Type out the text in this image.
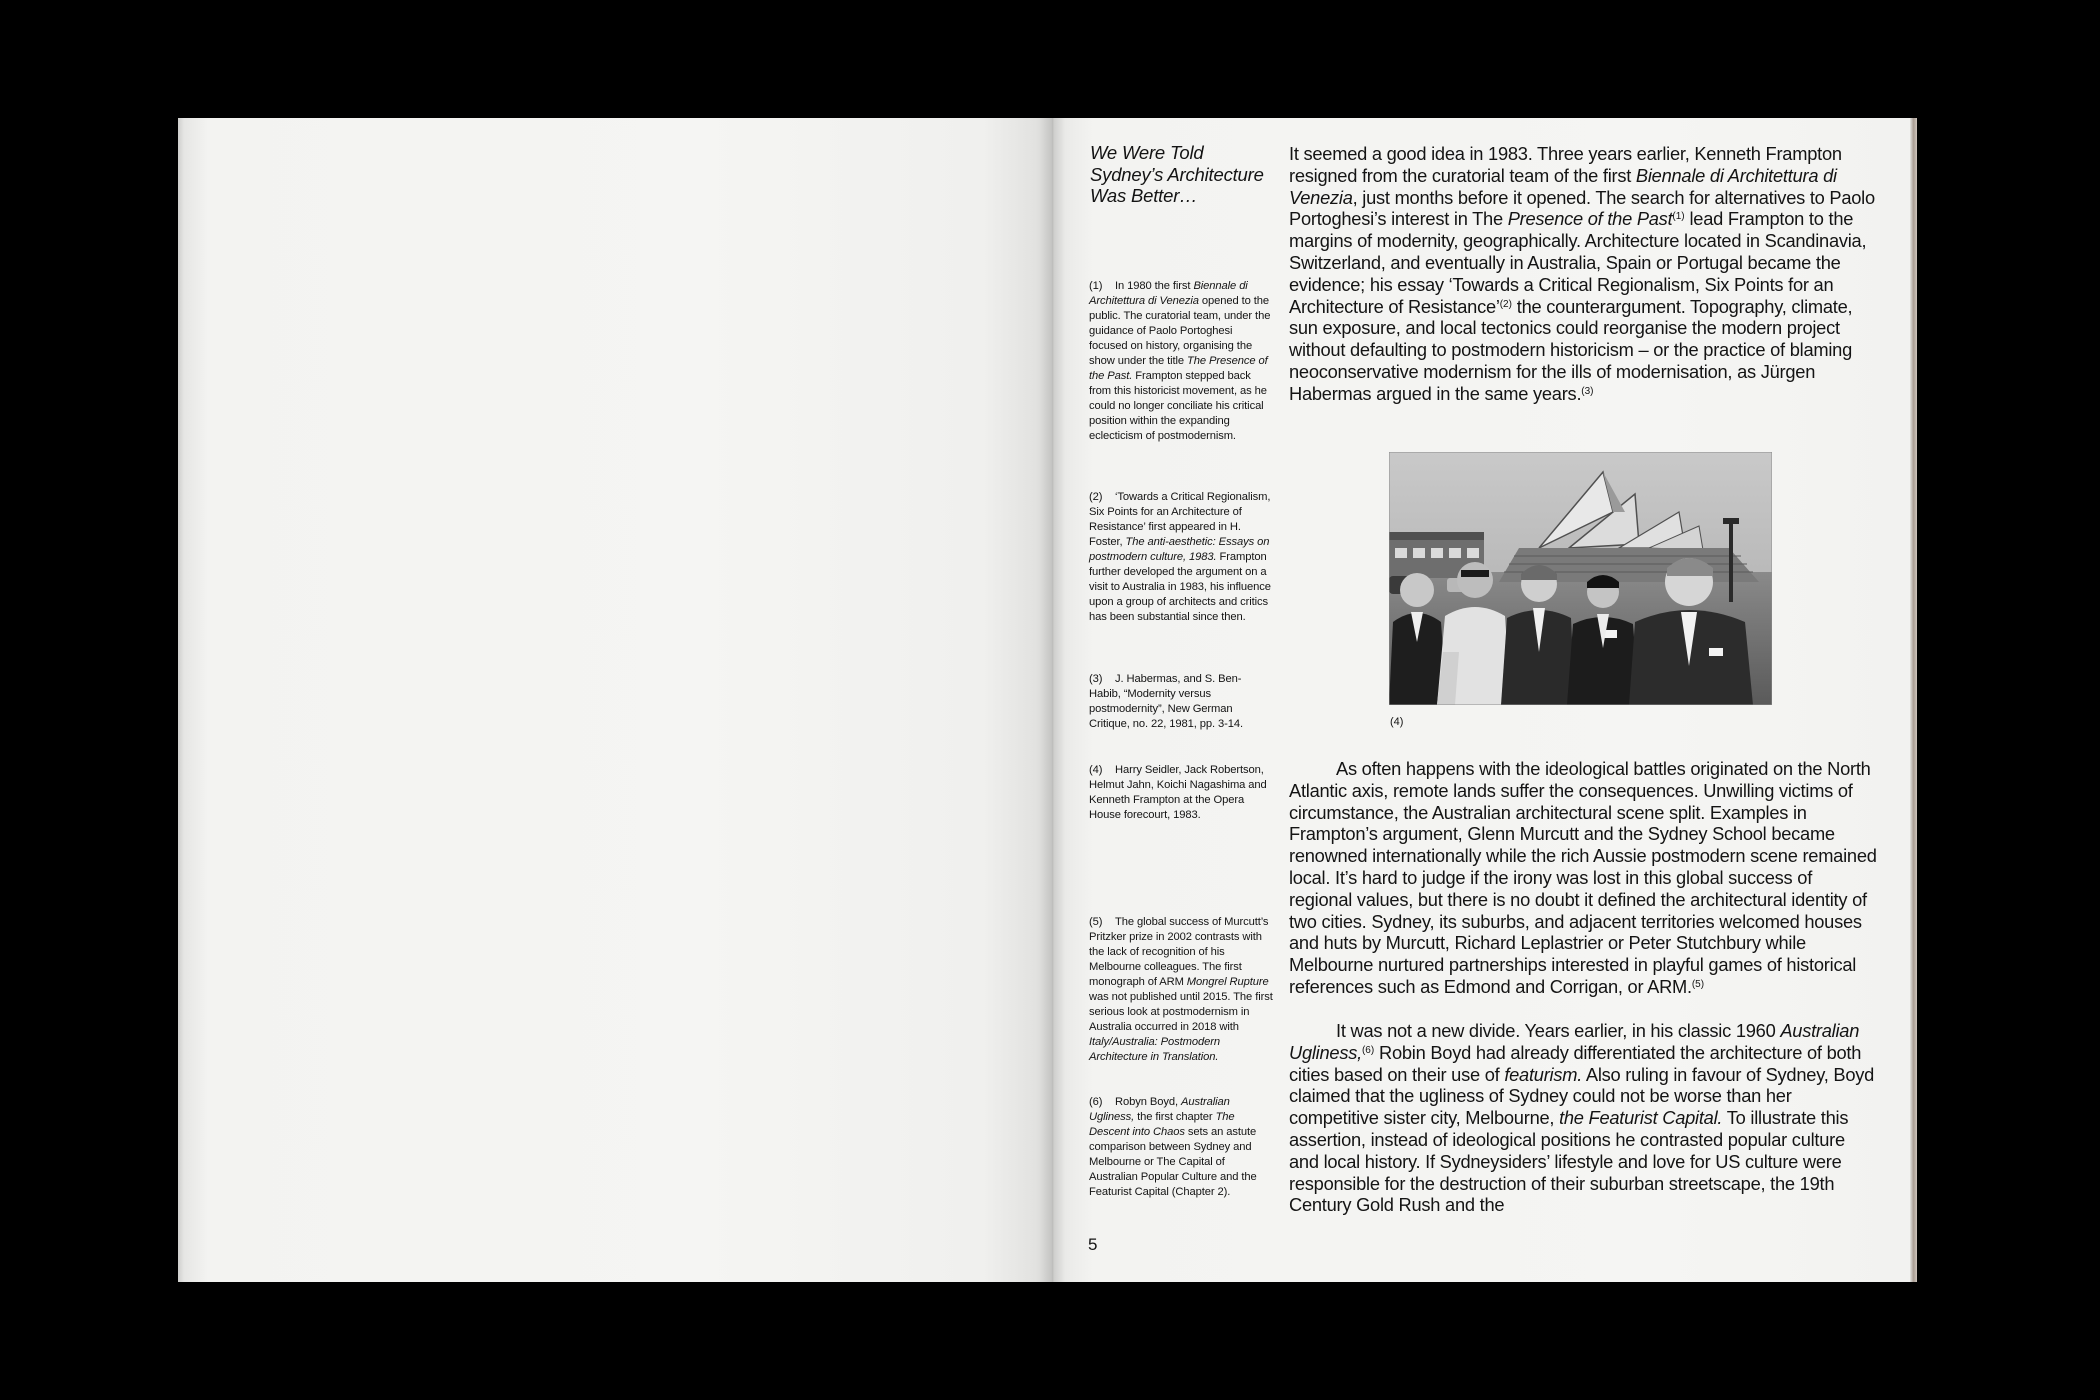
We Were Told
Sydney’s Architecture
Was Better…
(1) In 1980 the first Biennale di Architettura di Venezia opened to the public. The curatorial team, under the guidance of Paolo Portoghesi focused on history, organising the show under the title The Presence of the Past. Frampton stepped back from this historicist movement, as he could no longer conciliate his critical position within the expanding eclecticism of postmodernism.
(2) ‘Towards a Critical Regionalism, Six Points for an Architecture of Resistance’ first appeared in H. Foster, The anti-aesthetic: Essays on postmodern culture, 1983. Frampton further developed the argument on a visit to Australia in 1983, his influence upon a group of architects and critics has been substantial since then.
(3) J. Habermas, and S. Ben-Habib, “Modernity versus postmodernity”, New German Critique, no. 22, 1981, pp. 3-14.
(4) Harry Seidler, Jack Robertson, Helmut Jahn, Koichi Nagashima and Kenneth Frampton at the Opera House forecourt, 1983.
(5) The global success of Murcutt’s Pritzker prize in 2002 contrasts with the lack of recognition of his Melbourne colleagues. The first monograph of ARM Mongrel Rupture was not published until 2015. The first serious look at postmodernism in Australia occurred in 2018 with Italy/Australia: Postmodern Architecture in Translation.
(6) Robyn Boyd, Australian Ugliness, the first chapter The Descent into Chaos sets an astute comparison between Sydney and Melbourne or The Capital of Australian Popular Culture and the Featurist Capital (Chapter 2).
It seemed a good idea in 1983. Three years earlier, Kenneth Frampton resigned from the curatorial team of the first Biennale di Architettura di Venezia, just months before it opened. The search for alternatives to Paolo Portoghesi’s interest in The Presence of the Past$^{(1)}$ lead Frampton to the margins of modernity, geographically. Architecture located in Scandinavia, Switzerland, and eventually in Australia, Spain or Portugal became the evidence; his essay ‘Towards a Critical Regionalism, Six Points for an Architecture of Resistance’$^{(2)}$ the counterargument. Topography, climate, sun exposure, and local tectonics could reorganise the modern project without defaulting to postmodern historicism – or the practice of blaming neoconservative modernism for the ills of modernisation, as Jürgen Habermas argued in the same years.$^{(3)}$
(4)
As often happens with the ideological battles originated on the North Atlantic axis, remote lands suffer the consequences. Unwilling victims of circumstance, the Australian architectural scene split. Examples in Frampton’s argument, Glenn Murcutt and the Sydney School became renowned internationally while the rich Aussie postmodern scene remained local. It’s hard to judge if the irony was lost in this global success of regional values, but there is no doubt it defined the architectural identity of two cities. Sydney, its suburbs, and adjacent territories welcomed houses and huts by Murcutt, Richard Leplastrier or Peter Stutchbury while Melbourne nurtured partnerships interested in playful games of historical references such as Edmond and Corrigan, or ARM.$^{(5)}$
It was not a new divide. Years earlier, in his classic 1960 Australian Ugliness,$^{(6)}$ Robin Boyd had already differentiated the architecture of both cities based on their use of featurism. Also ruling in favour of Sydney, Boyd claimed that the ugliness of Sydney could not be worse than her competitive sister city, Melbourne, the Featurist Capital. To illustrate this assertion, instead of ideological positions he contrasted popular culture and local history. If Sydneysiders’ lifestyle and love for US culture were responsible for the destruction of their suburban streetscape, the 19th Century Gold Rush and the
5
